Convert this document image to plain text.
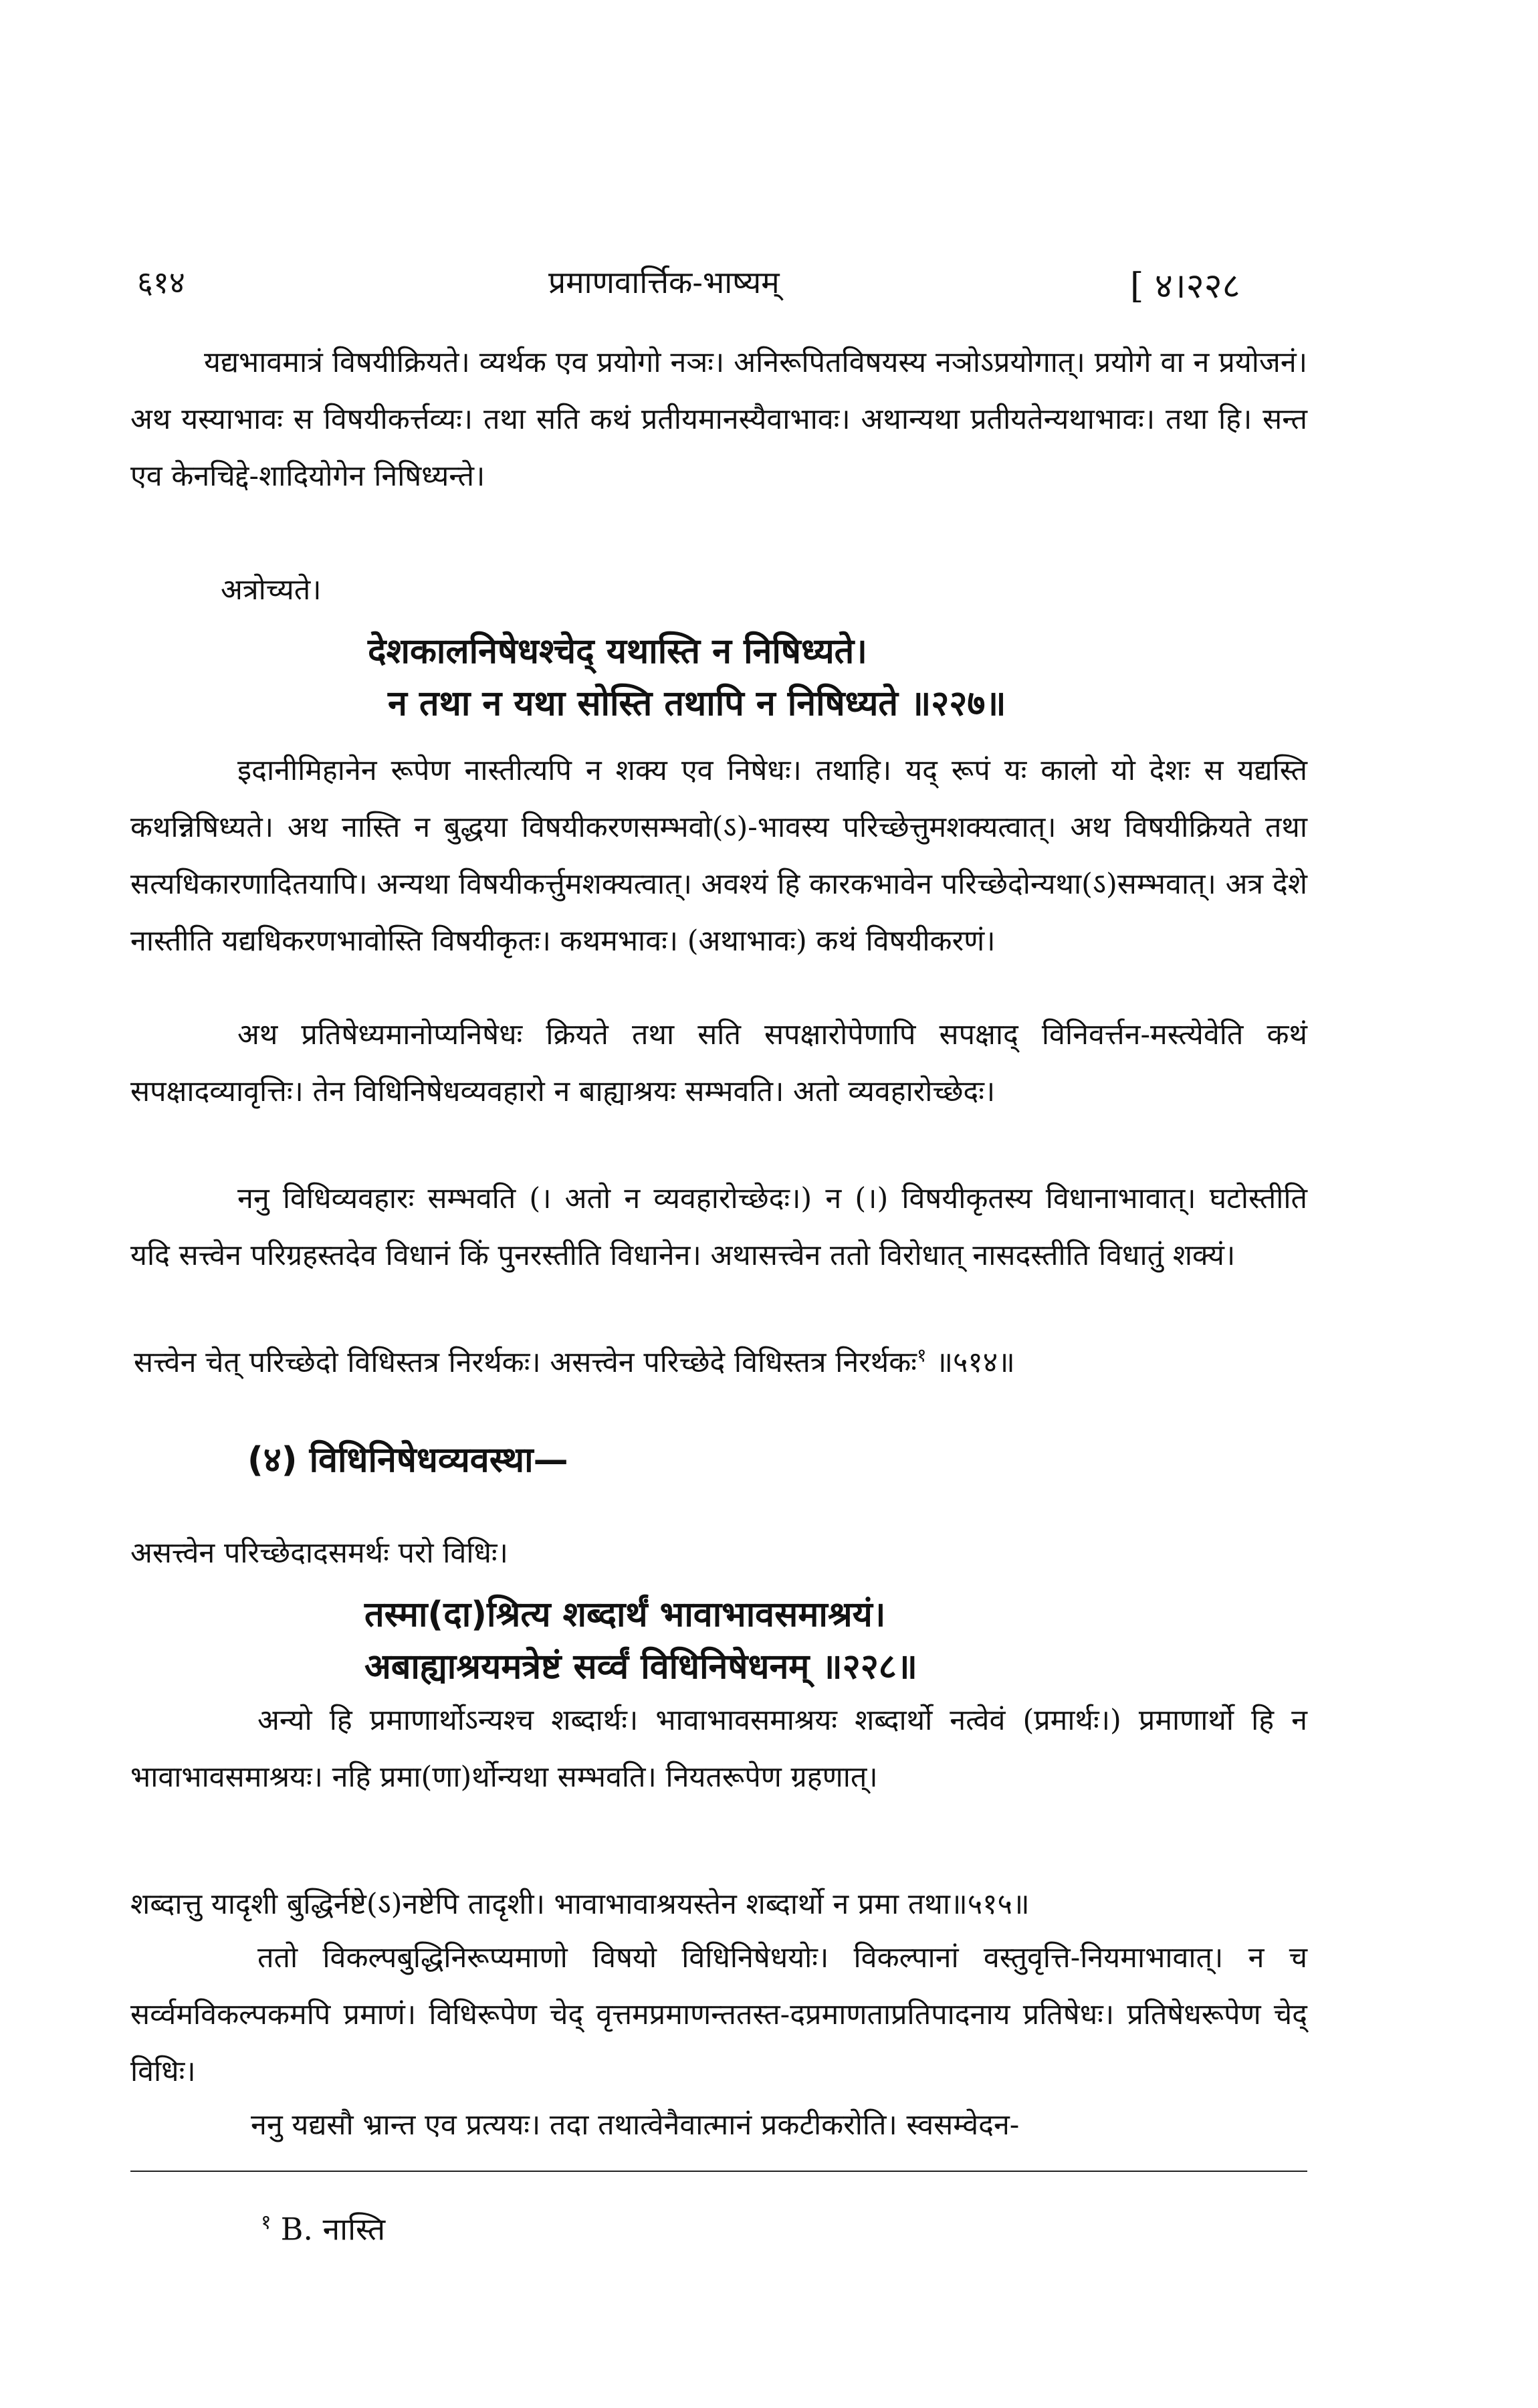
६१४	प्रमाणवार्त्तिक-भाष्यम्	[ ४।२२८

यद्यभावमात्रं विषयीक्रियते। व्यर्थक एव प्रयोगो नञः। अनिरूपितविषयस्य नञोऽप्रयोगात्। प्रयोगे वा न प्रयोजनं। अथ यस्याभावः स विषयीकर्त्तव्यः। तथा सति कथं प्रतीयमानस्यैवाभावः। अथान्यथा प्रतीयतेन्यथाभावः। तथा हि। सन्त एव केनचिद्दे-शादियोगेन निषिध्यन्ते।

अत्रोच्यते।

देशकालनिषेधश्चेद् यथास्ति न निषिध्यते।
न तथा न यथा सोस्ति तथापि न निषिध्यते ॥२२७॥

इदानीमिहानेन रूपेण नास्तीत्यपि न शक्य एव निषेधः। तथाहि। यद् रूपं यः कालो यो देशः स यद्यस्ति कथन्निषिध्यते। अथ नास्ति न बुद्धया विषयीकरणसम्भवो(ऽ)-भावस्य परिच्छेत्तुमशक्यत्वात्। अथ विषयीक्रियते तथा सत्यधिकारणादितयापि। अन्यथा विषयीकर्त्तुमशक्यत्वात्। अवश्यं हि कारकभावेन परिच्छेदोन्यथा(ऽ)सम्भवात्। अत्र देशे नास्तीति यद्यधिकरणभावोस्ति विषयीकृतः। कथमभावः। (अथाभावः) कथं विषयीकरणं।

अथ प्रतिषेध्यमानोप्यनिषेधः क्रियते तथा सति सपक्षारोपेणापि सपक्षाद् विनिवर्त्तन-मस्त्येवेति कथं सपक्षादव्यावृत्तिः। तेन विधिनिषेधव्यवहारो न बाह्याश्रयः सम्भवति। अतो व्यवहारोच्छेदः।

ननु विधिव्यवहारः सम्भवति (। अतो न व्यवहारोच्छेदः।) न (।) विषयीकृतस्य विधानाभावात्। घटोस्तीति यदि सत्त्वेन परिग्रहस्तदेव विधानं किं पुनरस्तीति विधानेन। अथासत्त्वेन ततो विरोधात् नासदस्तीति विधातुं शक्यं।

सत्त्वेन चेत् परिच्छेदो विधिस्तत्र निरर्थकः। असत्त्वेन परिच्छेदे विधिस्तत्र निरर्थकः$^१$ ॥५१४॥
(४) विधिनिषेधव्यवस्था—
असत्त्वेन परिच्छेदादसमर्थः परो विधिः।
तस्मा(दा)श्रित्य शब्दार्थं भावाभावसमाश्रयं।
अबाह्याश्रयमत्रेष्टं सर्व्वं विधिनिषेधनम् ॥२२८॥

अन्यो हि प्रमाणार्थोऽन्यश्च शब्दार्थः। भावाभावसमाश्रयः शब्दार्थो नत्वेवं (प्रमार्थः।) प्रमाणार्थो हि न भावाभावसमाश्रयः। नहि प्रमा(णा)र्थोन्यथा सम्भवति। नियतरूपेण ग्रहणात्।

शब्दात्तु यादृशी बुद्धिर्नष्टे(ऽ)नष्टेपि तादृशी। भावाभावाश्रयस्तेन शब्दार्थो न प्रमा तथा॥५१५॥

ततो विकल्पबुद्धिनिरूप्यमाणो विषयो विधिनिषेधयोः। विकल्पानां वस्तुवृत्ति-नियमाभावात्। न च सर्व्वमविकल्पकमपि प्रमाणं। विधिरूपेण चेद् वृत्तमप्रमाणन्ततस्त-दप्रमाणताप्रतिपादनाय प्रतिषेधः। प्रतिषेधरूपेण चेद् विधिः।

ननु यद्यसौ भ्रान्त एव प्रत्ययः। तदा तथात्वेनैवात्मानं प्रकटीकरोति। स्वसम्वेदन-

$^१$ B. नास्ति
